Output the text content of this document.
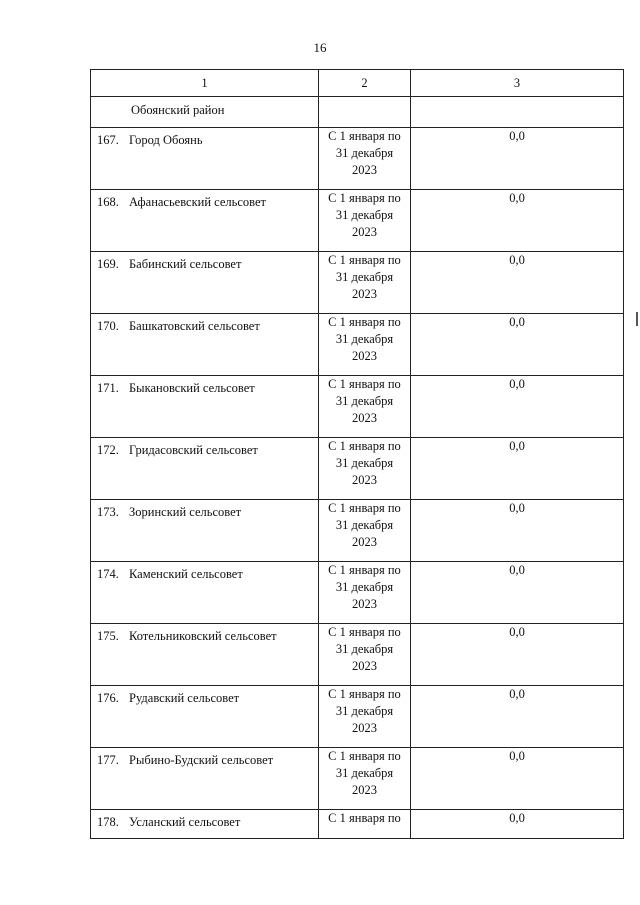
16
1	2	3

Обоянский район		

167. Город Обоянь	С 1 января по
31 декабря
2023	0,0

168. Афанасьевский сельсовет	С 1 января по
31 декабря
2023	0,0

169. Бабинский сельсовет	С 1 января по
31 декабря
2023	0,0

170. Башкатовский сельсовет	С 1 января по
31 декабря
2023	0,0

171. Быкановский сельсовет	С 1 января по
31 декабря
2023	0,0

172. Гридасовский сельсовет	С 1 января по
31 декабря
2023	0,0

173. Зоринский сельсовет	С 1 января по
31 декабря
2023	0,0

174. Каменский сельсовет	С 1 января по
31 декабря
2023	0,0

175. Котельниковский сельсовет	С 1 января по
31 декабря
2023	0,0

176. Рудавский сельсовет	С 1 января по
31 декабря
2023	0,0

177. Рыбино-Будский сельсовет	С 1 января по
31 декабря
2023	0,0

178. Усланский сельсовет	С 1 января по	0,0
